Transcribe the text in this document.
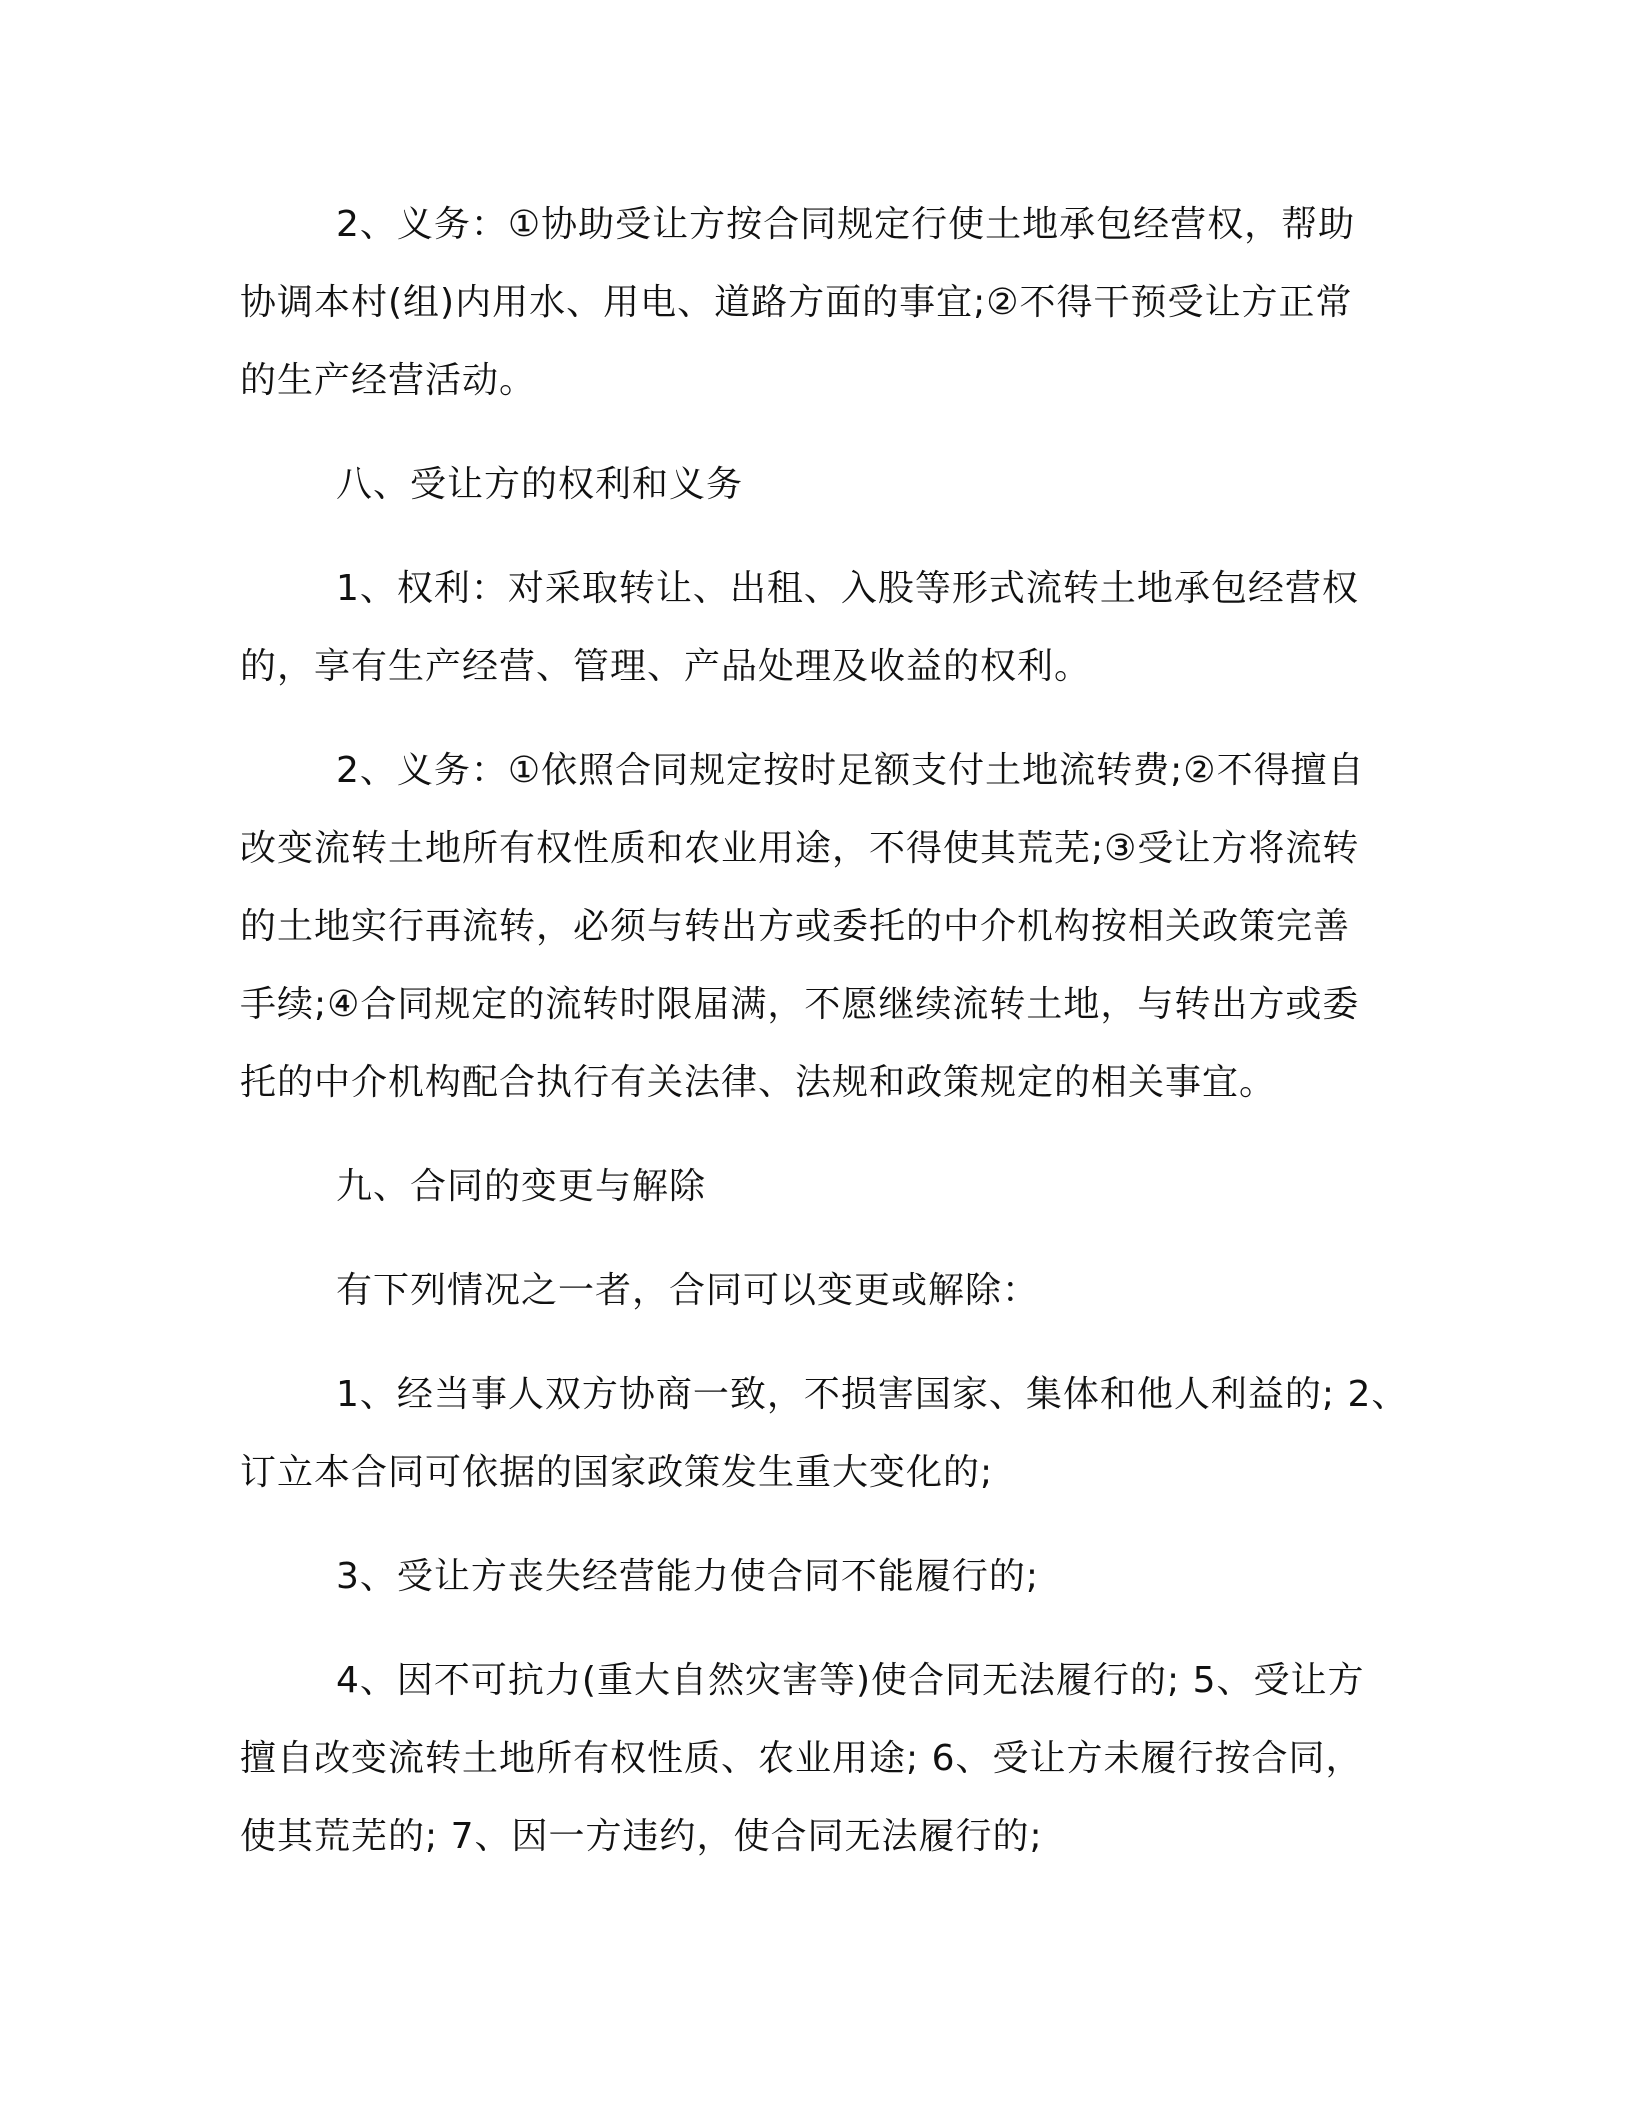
2、义务：①协助受让方按合同规定行使土地承包经营权，帮助
协调本村(组)内用水、用电、道路方面的事宜;②不得干预受让方正常
的生产经营活动。

八、受让方的权利和义务

1、权利：对采取转让、出租、入股等形式流转土地承包经营权
的，享有生产经营、管理、产品处理及收益的权利。

2、义务：①依照合同规定按时足额支付土地流转费;②不得擅自
改变流转土地所有权性质和农业用途，不得使其荒芜;③受让方将流转
的土地实行再流转，必须与转出方或委托的中介机构按相关政策完善
手续;④合同规定的流转时限届满，不愿继续流转土地，与转出方或委
托的中介机构配合执行有关法律、法规和政策规定的相关事宜。

九、合同的变更与解除

有下列情况之一者，合同可以变更或解除：

1、经当事人双方协商一致，不损害国家、集体和他人利益的; 2、
订立本合同可依据的国家政策发生重大变化的;

3、受让方丧失经营能力使合同不能履行的;

4、因不可抗力(重大自然灾害等)使合同无法履行的; 5、受让方
擅自改变流转土地所有权性质、农业用途; 6、受让方未履行按合同，
使其荒芜的; 7、因一方违约，使合同无法履行的;
